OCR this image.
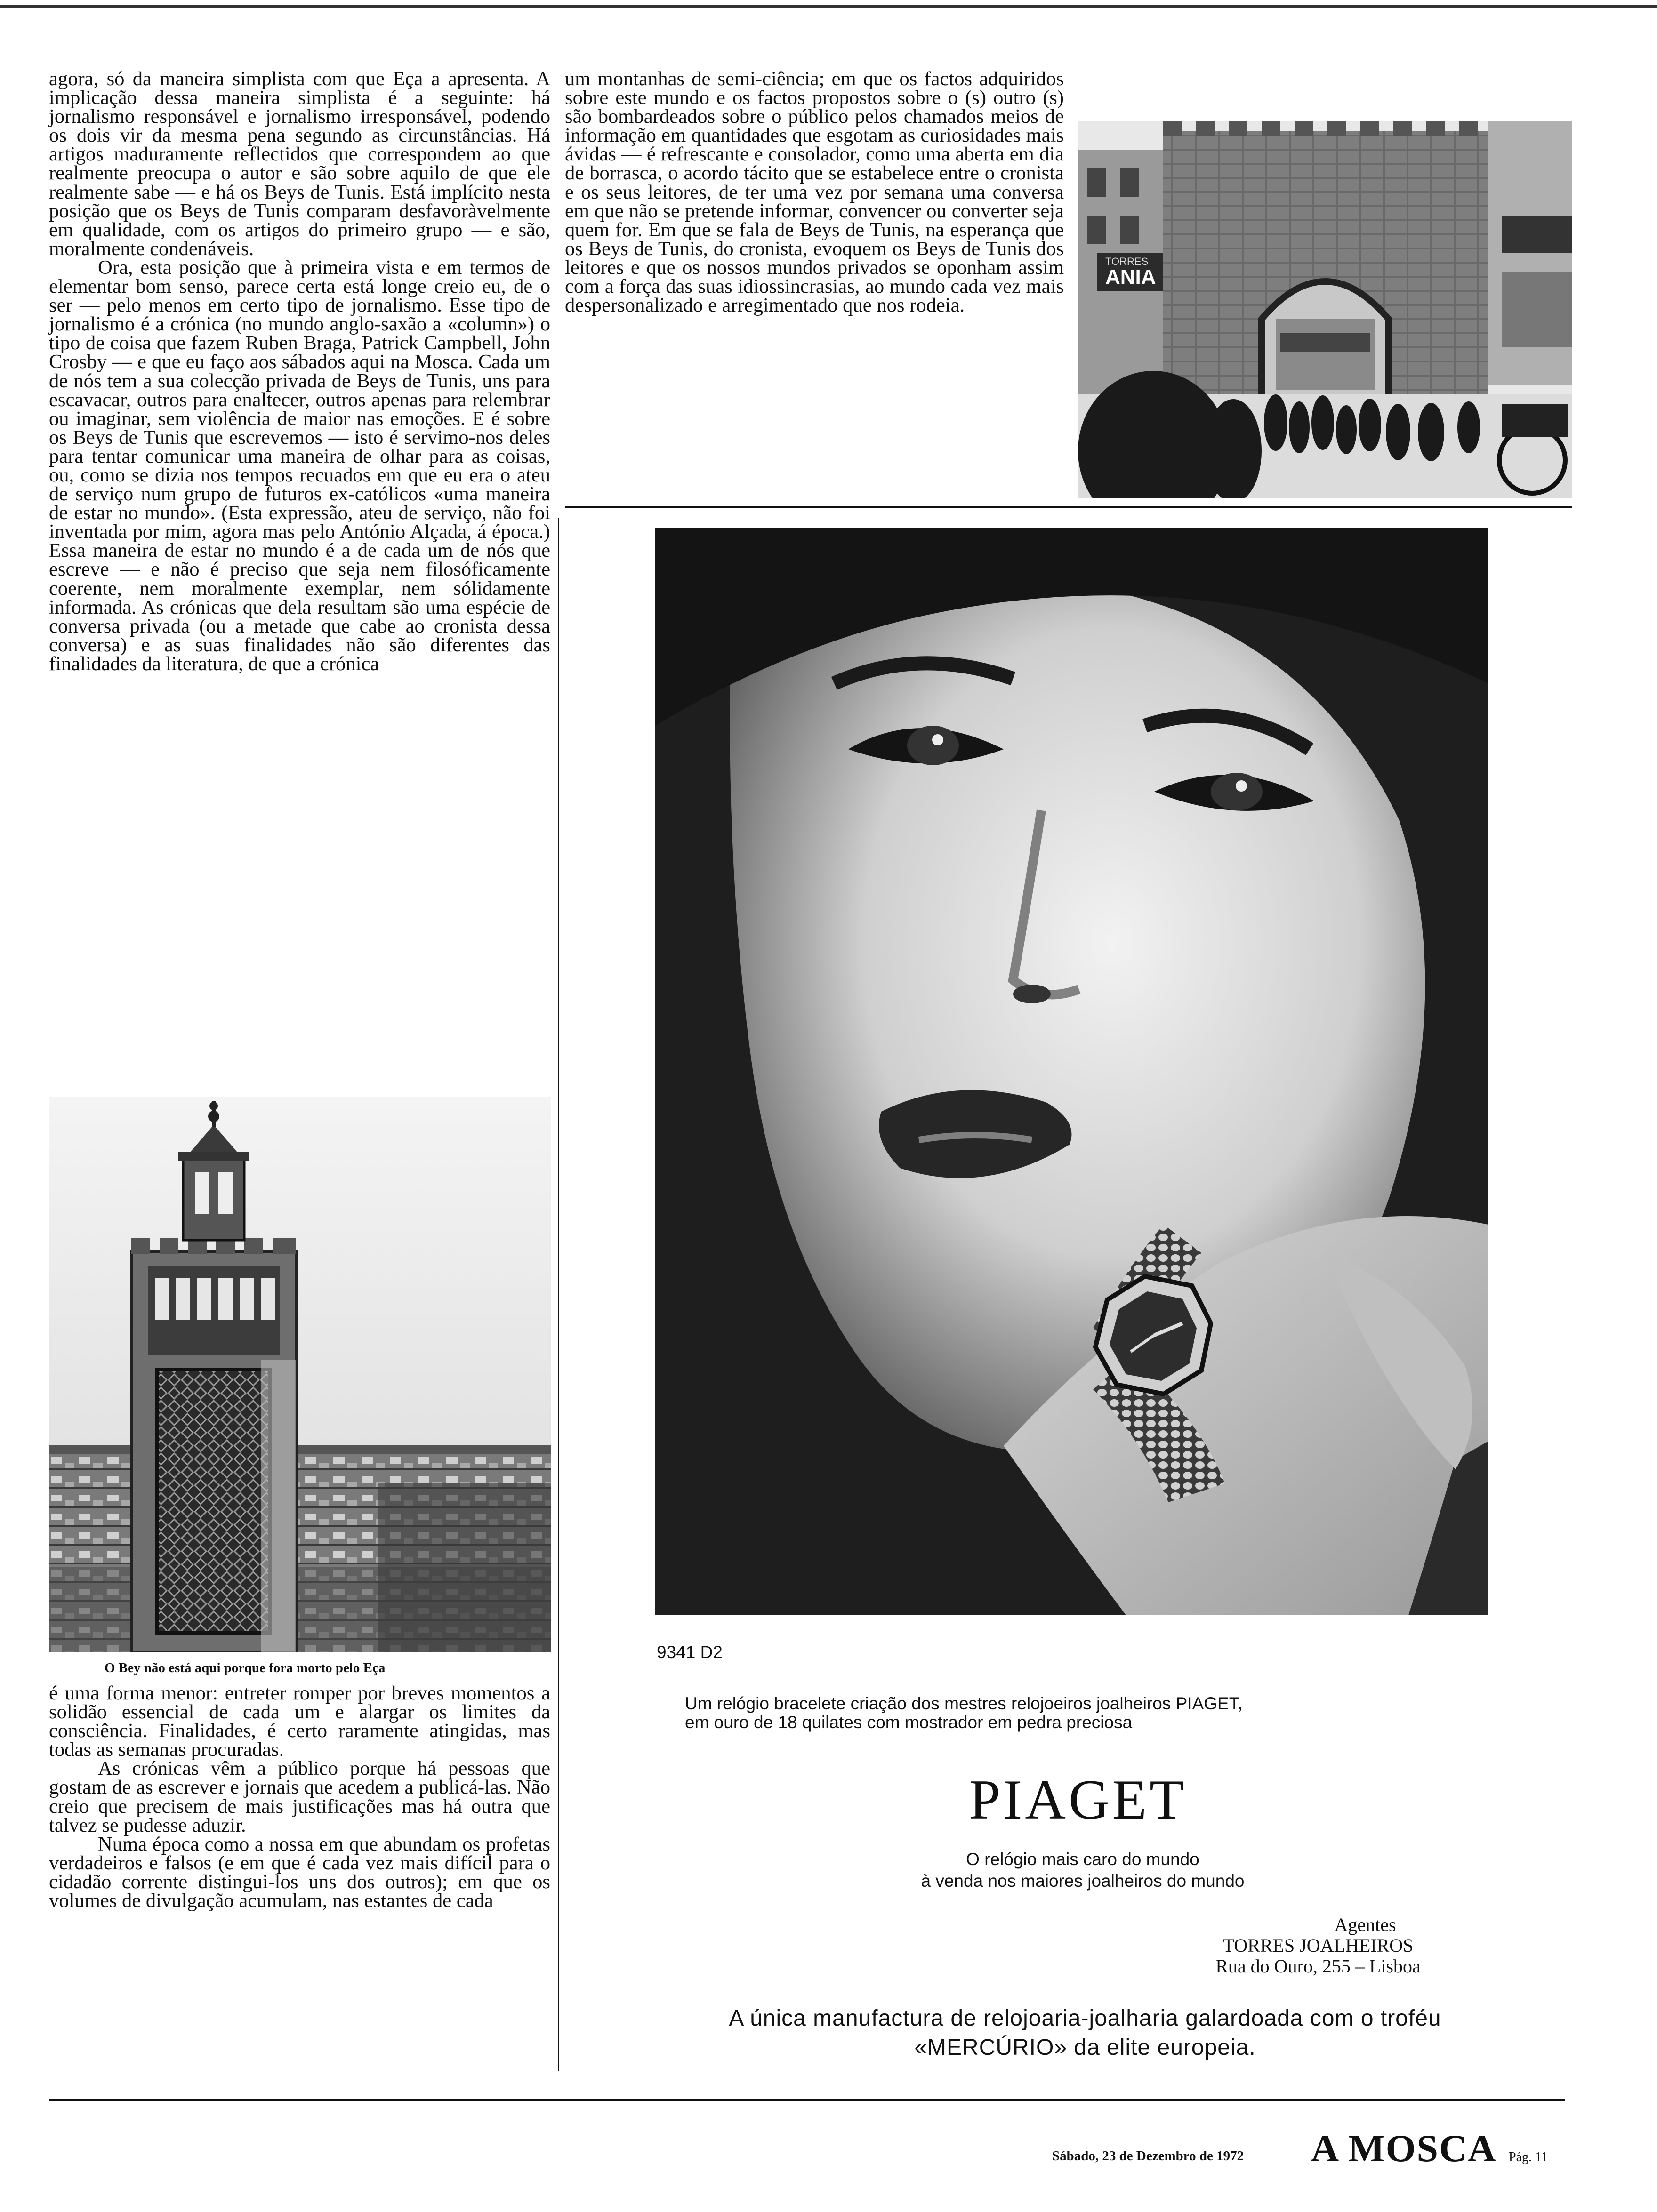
agora, só da maneira simplista com que Eça a apresenta. A implicação dessa maneira simplista é a seguinte: há jornalismo responsável e jornalismo irresponsável, podendo os dois vir da mesma pena segundo as circunstâncias. Há artigos maduramente reflectidos que correspondem ao que realmente preocupa o autor e são sobre aquilo de que ele realmente sabe — e há os Beys de Tunis. Está implícito nesta posição que os Beys de Tunis comparam desfavoràvelmente em qualidade, com os artigos do primeiro grupo — e são, moralmente condenáveis.

Ora, esta posição que à primeira vista e em termos de elementar bom senso, parece certa está longe creio eu, de o ser — pelo menos em certo tipo de jornalismo. Esse tipo de jornalismo é a crónica (no mundo anglo-saxão a «column») o tipo de coisa que fazem Ruben Braga, Patrick Campbell, John Crosby — e que eu faço aos sábados aqui na Mosca. Cada um de nós tem a sua colecção privada de Beys de Tunis, uns para escavacar, outros para enaltecer, outros apenas para relembrar ou imaginar, sem violência de maior nas emoções. E é sobre os Beys de Tunis que escrevemos — isto é servimo-nos deles para tentar comunicar uma maneira de olhar para as coisas, ou, como se dizia nos tempos recuados em que eu era o ateu de serviço num grupo de futuros ex-católicos «uma maneira de estar no mundo». (Esta expressão, ateu de serviço, não foi inventada por mim, agora mas pelo António Alçada, á época.) Essa maneira de estar no mundo é a de cada um de nós que escreve — e não é preciso que seja nem filosóficamente coerente, nem moralmente exemplar, nem sólidamente informada. As crónicas que dela resultam são uma espécie de conversa privada (ou a metade que cabe ao cronista dessa conversa) e as suas finalidades não são diferentes das finalidades da literatura, de que a crónica

O Bey não está aqui porque fora morto pelo Eça

é uma forma menor: entreter romper por breves momentos a solidão essencial de cada um e alargar os limites da consciência. Finalidades, é certo raramente atingidas, mas todas as semanas procuradas.

As crónicas vêm a público porque há pessoas que gostam de as escrever e jornais que acedem a publicá-las. Não creio que precisem de mais justificações mas há outra que talvez se pudesse aduzir.

Numa época como a nossa em que abundam os profetas verdadeiros e falsos (e em que é cada vez mais difícil para o cidadão corrente distingui-los uns dos outros); em que os volumes de divulgação acumulam, nas estantes de cada

um montanhas de semi-ciência; em que os factos adquiridos sobre este mundo e os factos propostos sobre o (s) outro (s) são bombardeados sobre o público pelos chamados meios de informação em quantidades que esgotam as curiosidades mais ávidas — é refrescante e consolador, como uma aberta em dia de borrasca, o acordo tácito que se estabelece entre o cronista e os seus leitores, de ter uma vez por semana uma conversa em que não se pretende informar, convencer ou converter seja quem for. Em que se fala de Beys de Tunis, na esperança que os Beys de Tunis, do cronista, evoquem os Beys de Tunis dos leitores e que os nossos mundos privados se oponham assim com a força das suas idiossincrasias, ao mundo cada vez mais despersonalizado e arregimentado que nos rodeia.

TORRES
ANIA
9341 D2
Um relógio bracelete criação dos mestres relojoeiros joalheiros PIAGET,
em ouro de 18 quilates com mostrador em pedra preciosa
PIAGET
O relógio mais caro do mundo
à venda nos maiores joalheiros do mundo
Agentes
TORRES JOALHEIROS
Rua do Ouro, 255 – Lisboa
A única manufactura de relojoaria-joalharia galardoada com o troféu
«MERCÚRIO» da elite europeia.
Sábado, 23 de Dezembro de 1972 A MOSCA Pág. 11
